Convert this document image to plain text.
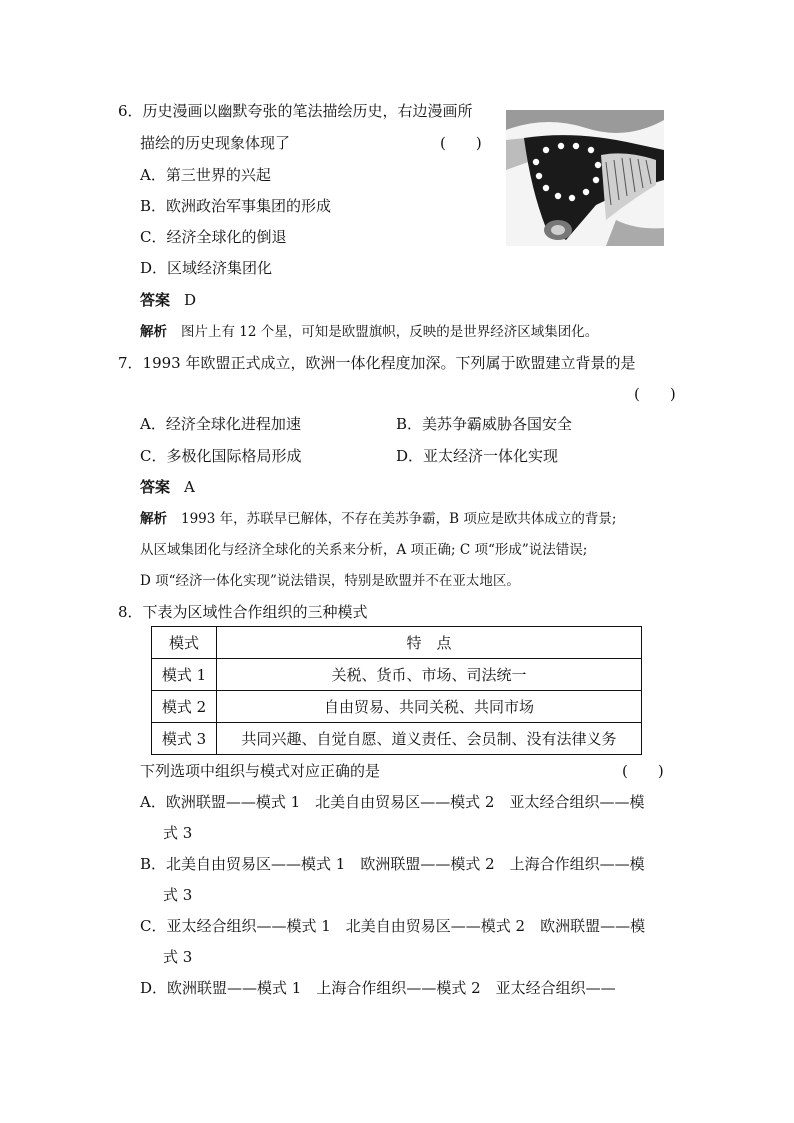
6．历史漫画以幽默夸张的笔法描绘历史，右边漫画所
描绘的历史现象体现了	(　　)
A．第三世界的兴起
B．欧洲政治军事集团的形成
C．经济全球化的倒退
D．区域经济集团化
答案 D
解析 图片上有 12 个星，可知是欧盟旗帜，反映的是世界经济区域集团化。
7．1993 年欧盟正式成立，欧洲一体化程度加深。下列属于欧盟建立背景的是
(　　)
A．经济全球化进程加速	B．美苏争霸威胁各国安全
C．多极化国际格局形成	D．亚太经济一体化实现
答案 A
解析 1993 年，苏联早已解体，不存在美苏争霸，B 项应是欧共体成立的背景;
从区域集团化与经济全球化的关系来分析，A 项正确; C 项“形成”说法错误;
D 项“经济一体化实现”说法错误，特别是欧盟并不在亚太地区。
8．下表为区域性合作组织的三种模式
模式	特　点
模式 1	关税、货币、市场、司法统一
模式 2	自由贸易、共同关税、共同市场
模式 3	共同兴趣、自觉自愿、道义责任、会员制、没有法律义务
下列选项中组织与模式对应正确的是	(　　)
A．欧洲联盟——模式 1　北美自由贸易区——模式 2　亚太经合组织——模
式 3
B．北美自由贸易区——模式 1　欧洲联盟——模式 2　上海合作组织——模
式 3
C．亚太经合组织——模式 1　北美自由贸易区——模式 2　欧洲联盟——模
式 3
D．欧洲联盟——模式 1　上海合作组织——模式 2　亚太经合组织——
